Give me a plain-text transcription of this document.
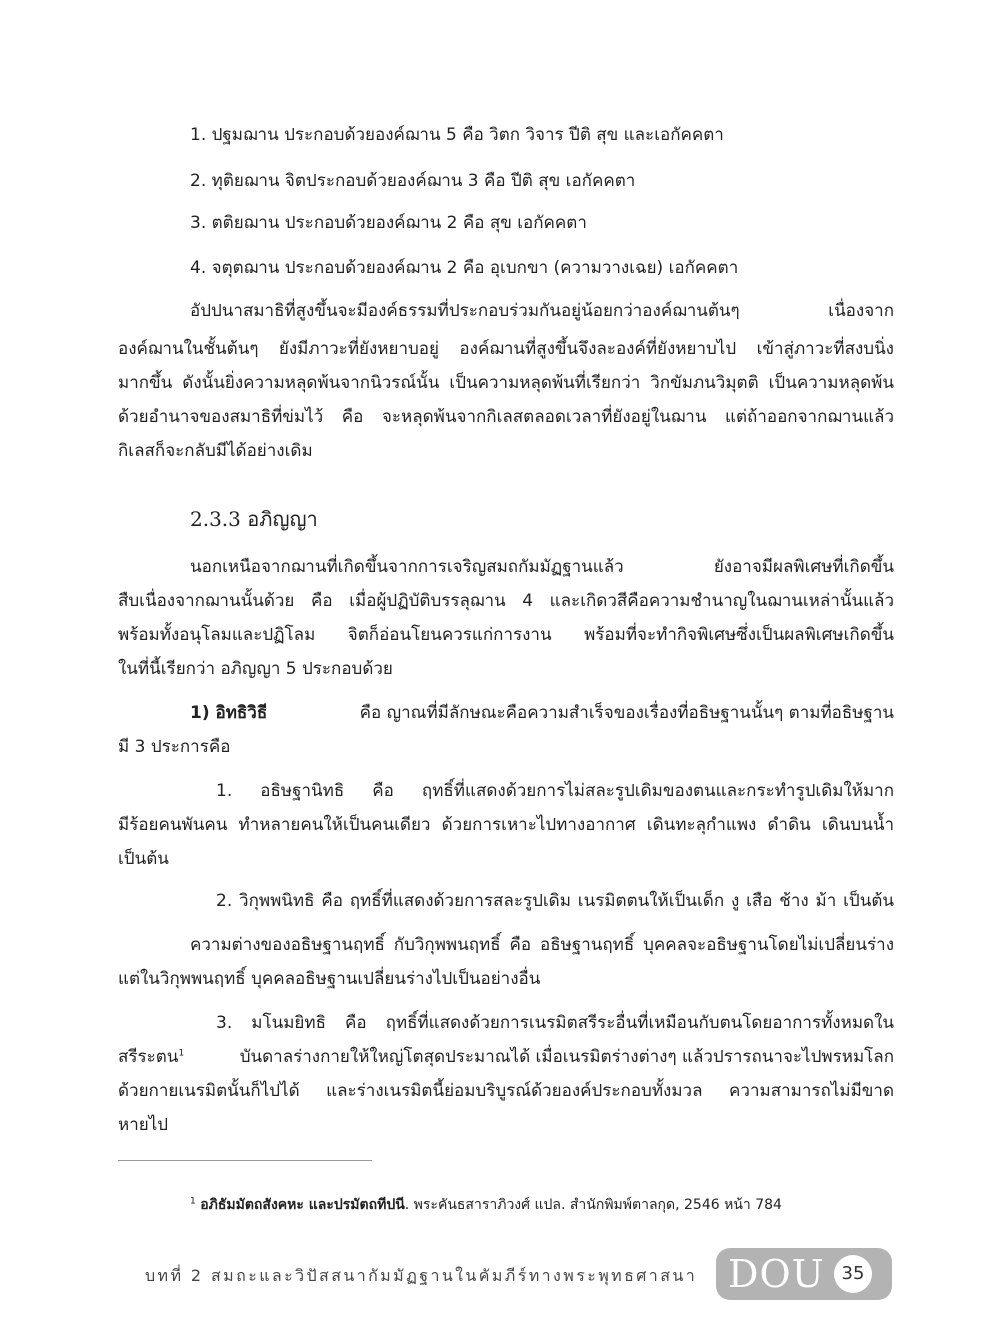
1. ปฐมฌาน ประกอบด้วยองค์ฌาน 5 คือ วิตก วิจาร ปีติ สุข และเอกัคคตา
2. ทุติยฌาน จิตประกอบด้วยองค์ฌาน 3 คือ ปีติ สุข เอกัคคตา
3. ตติยฌาน ประกอบด้วยองค์ฌาน 2 คือ สุข เอกัคคตา
4. จตุตฌาน ประกอบด้วยองค์ฌาน 2 คือ อุเบกขา (ความวางเฉย) เอกัคคตา
อัปปนาสมาธิที่สูงขึ้นจะมีองค์ธรรมที่ประกอบร่วมกันอยู่น้อยกว่าองค์ฌานต้นๆ เนื่องจาก
องค์ฌานในชั้นต้นๆ ยังมีภาวะที่ยังหยาบอยู่ องค์ฌานที่สูงขึ้นจึงละองค์ที่ยังหยาบไป เข้าสู่ภาวะที่สงบนิ่ง
มากขึ้น ดังนั้นยิ่งความหลุดพ้นจากนิวรณ์นั้น เป็นความหลุดพ้นที่เรียกว่า วิกขัมภนวิมุตติ เป็นความหลุดพ้น
ด้วยอำนาจของสมาธิที่ข่มไว้ คือ จะหลุดพ้นจากกิเลสตลอดเวลาที่ยังอยู่ในฌาน แต่ถ้าออกจากฌานแล้ว
กิเลสก็จะกลับมีได้อย่างเดิม
2.3.3 อภิญญา
นอกเหนือจากฌานที่เกิดขึ้นจากการเจริญสมถกัมมัฏฐานแล้ว ยังอาจมีผลพิเศษที่เกิดขึ้น
สืบเนื่องจากฌานนั้นด้วย คือ เมื่อผู้ปฏิบัติบรรลุฌาน 4 และเกิดวสีคือความชำนาญในฌานเหล่านั้นแล้ว
พร้อมทั้งอนุโลมและปฏิโลม จิตก็อ่อนโยนควรแก่การงาน พร้อมที่จะทำกิจพิเศษซึ่งเป็นผลพิเศษเกิดขึ้น
ในที่นี้เรียกว่า อภิญญา 5 ประกอบด้วย
1) อิทธิวิธี	คือ ญาณที่มีลักษณะคือความสำเร็จของเรื่องที่อธิษฐานนั้นๆ ตามที่อธิษฐาน
มี 3 ประการคือ
1. อธิษฐานิทธิ คือ ฤทธิ์ที่แสดงด้วยการไม่สละรูปเดิมของตนและกระทำรูปเดิมให้มาก
มีร้อยคนพันคน ทำหลายคนให้เป็นคนเดียว ด้วยการเหาะไปทางอากาศ เดินทะลุกำแพง ดำดิน เดินบนน้ำ
เป็นต้น
2. วิกุพพนิทธิ คือ ฤทธิ์ที่แสดงด้วยการสละรูปเดิม เนรมิตตนให้เป็นเด็ก งู เสือ ช้าง ม้า เป็นต้น
ความต่างของอธิษฐานฤทธิ์ กับวิกุพพนฤทธิ์ คือ อธิษฐานฤทธิ์ บุคคลจะอธิษฐานโดยไม่เปลี่ยนร่าง
แต่ในวิกุพพนฤทธิ์ บุคคลอธิษฐานเปลี่ยนร่างไปเป็นอย่างอื่น
3. มโนมยิทธิ คือ ฤทธิ์ที่แสดงด้วยการเนรมิตสรีระอื่นที่เหมือนกับตนโดยอาการทั้งหมดใน
สรีระตน$^1$	บันดาลร่างกายให้ใหญ่โตสุดประมาณได้ เมื่อเนรมิตร่างต่างๆ แล้วปรารถนาจะไปพรหมโลก
ด้วยกายเนรมิตนั้นก็ไปได้ และร่างเนรมิตนี้ย่อมบริบูรณ์ด้วยองค์ประกอบทั้งมวล ความสามารถไม่มีขาด
หายไป
$^1$ อภิธัมมัตถสังคหะ และปรมัตถทีปนี. พระคันธสาราภิวงศ์ แปล. สำนักพิมพ์ตาลกุด, 2546 หน้า 784
บทที่ 2 สมถะและวิปัสสนากัมมัฏฐานในคัมภีร์ทางพระพุทธศาสนา DOU 35
